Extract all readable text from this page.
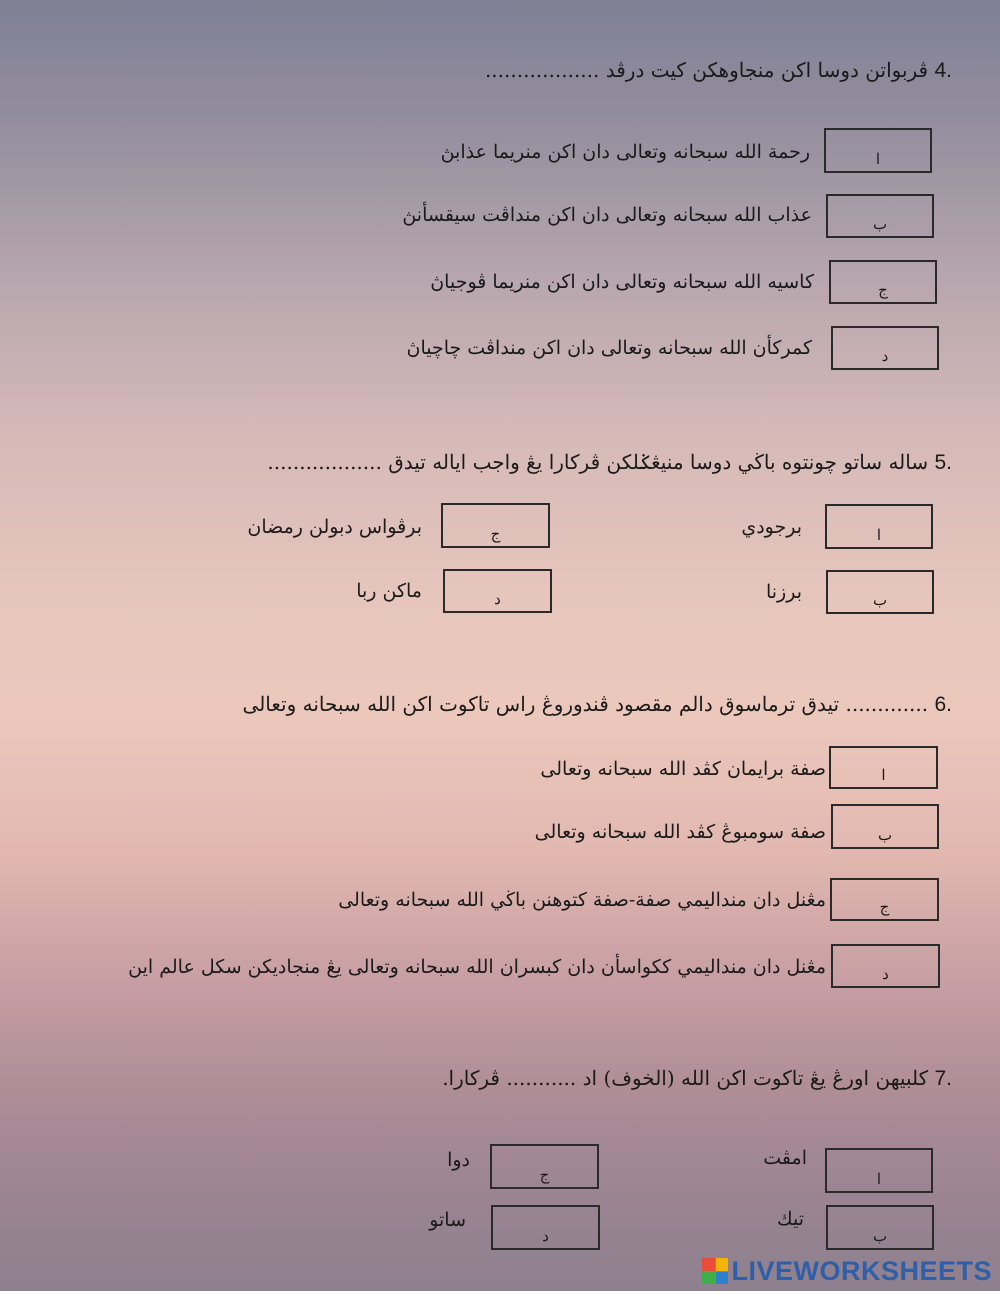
4. ڤربواتن دوسا اكن منجاوهكن كيت درڤد ..................
ا
رحمة الله سبحانه وتعالى دان اكن منريما عذابڽ
ب
عذاب الله سبحانه وتعالى دان اكن منداڤت سيقسأنڽ
ج
كاسيه الله سبحانه وتعالى دان اكن منريما ڤوجياڽ
د
كمركأن الله سبحانه وتعالى دان اكن منداڤت چاچياڽ
5. ساله ساتو چونتوه باڬي دوسا منيڠݢلكن ڤركارا يڠ واجب اياله تيدق ..................
ا
برجودي
ب
برزنا
ج
برڤواس دبولن رمضان
د
ماكن ربا
6. ............. تيدق ترماسوق دالم مقصود ڤندوروڠ راس تاكوت اكن الله سبحانه وتعالى
ا
صفة برايمان كڤد الله سبحانه وتعالى
ب
صفة سومبوڠ كڤد الله سبحانه وتعالى
ج
مڠنل دان منداليمي صفة-صفة كتوهنن باڬي الله سبحانه وتعالى
د
مڠنل دان منداليمي ككواسأن دان كبسران الله سبحانه وتعالى يڠ منجاديكن سكل عالم اين
7. كلبيهن اورڠ يڠ تاكوت اكن الله (الخوف) اد ........... ڤركارا.
ا
امڤت
ب
تيك
ج
دوا
د
ساتو
LIVEWORKSHEETS
